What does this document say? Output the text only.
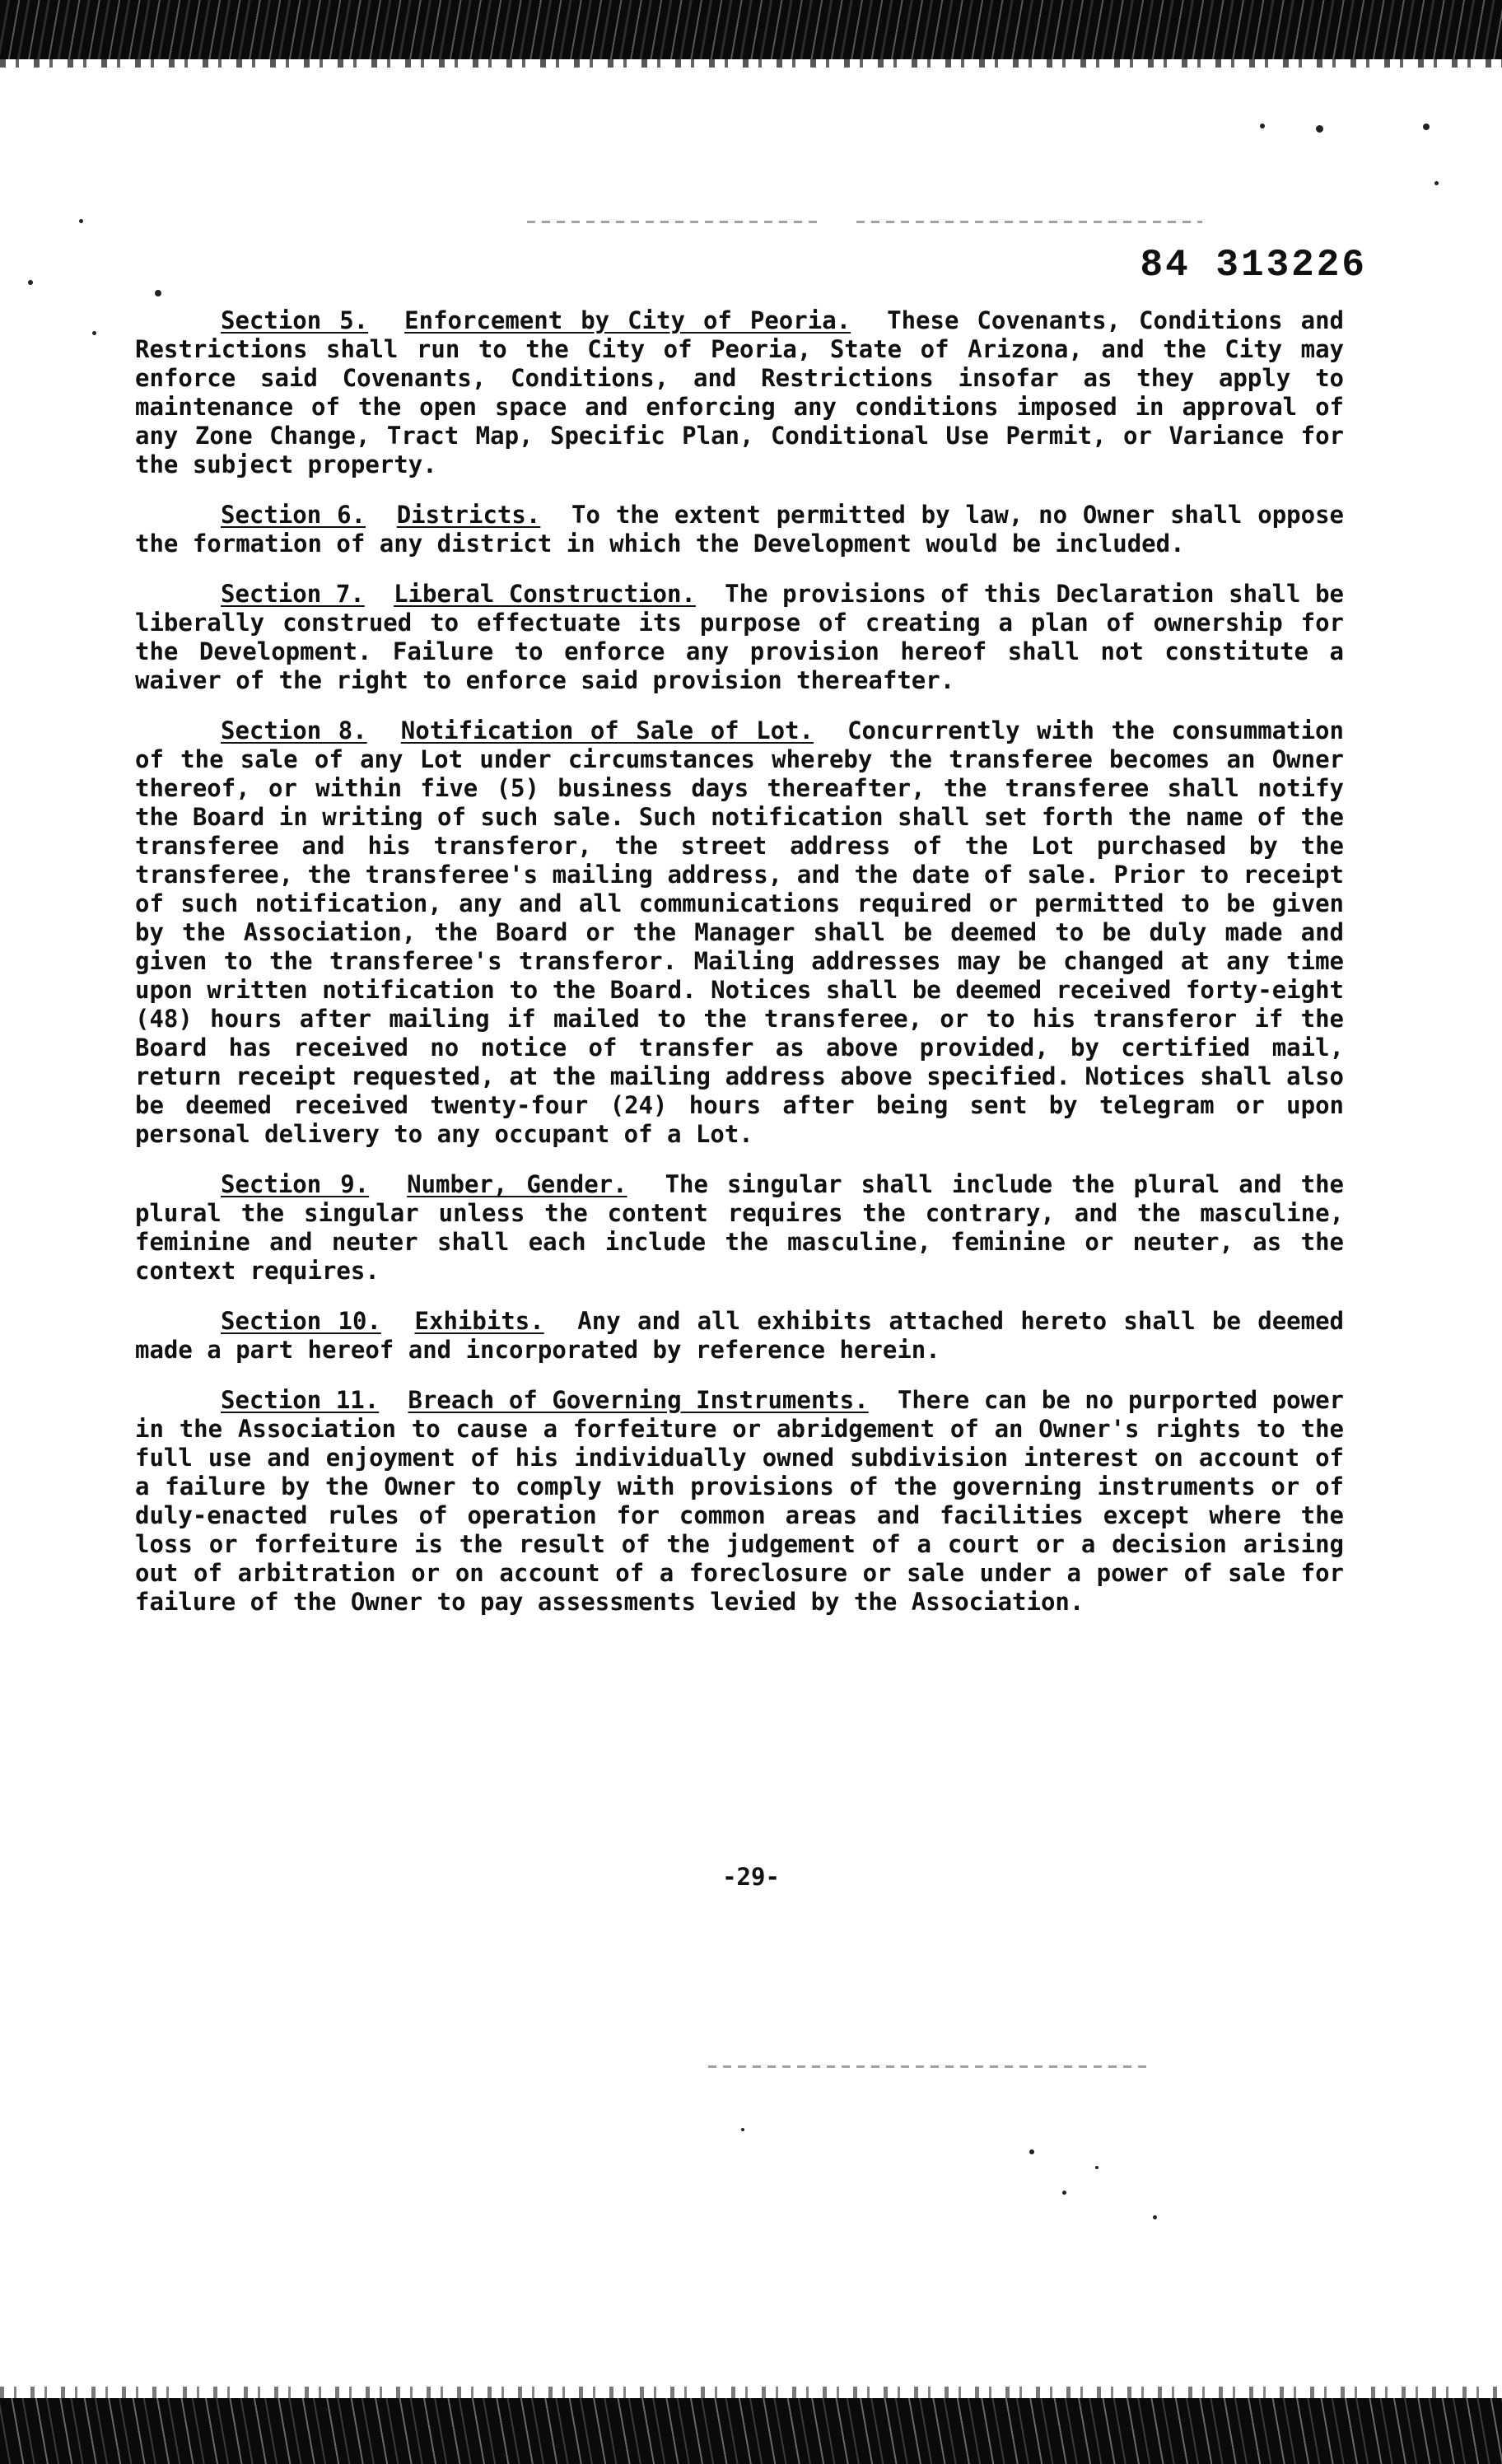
84 313226

Section 5. Enforcement by City of Peoria. These Covenants, Conditions and Restrictions shall run to the City of Peoria, State of Arizona, and the City may enforce said Covenants, Conditions, and Restrictions insofar as they apply to maintenance of the open space and enforcing any conditions imposed in approval of any Zone Change, Tract Map, Specific Plan, Conditional Use Permit, or Variance for the subject property.

Section 6. Districts. To the extent permitted by law, no Owner shall oppose the formation of any district in which the Development would be included.

Section 7. Liberal Construction. The provisions of this Declaration shall be liberally construed to effectuate its purpose of creating a plan of ownership for the Development. Failure to enforce any provision hereof shall not constitute a waiver of the right to enforce said provision thereafter.

Section 8. Notification of Sale of Lot. Concurrently with the consummation of the sale of any Lot under circumstances whereby the transferee becomes an Owner thereof, or within five (5) business days thereafter, the transferee shall notify the Board in writing of such sale. Such notification shall set forth the name of the transferee and his transferor, the street address of the Lot purchased by the transferee, the transferee's mailing address, and the date of sale. Prior to receipt of such notification, any and all communications required or permitted to be given by the Association, the Board or the Manager shall be deemed to be duly made and given to the transferee's transferor. Mailing addresses may be changed at any time upon written notification to the Board. Notices shall be deemed received forty-eight (48) hours after mailing if mailed to the transferee, or to his transferor if the Board has received no notice of transfer as above provided, by certified mail, return receipt requested, at the mailing address above specified. Notices shall also be deemed received twenty-four (24) hours after being sent by telegram or upon personal delivery to any occupant of a Lot.

Section 9. Number, Gender. The singular shall include the plural and the plural the singular unless the content requires the contrary, and the masculine, feminine and neuter shall each include the masculine, feminine or neuter, as the context requires.

Section 10. Exhibits. Any and all exhibits attached hereto shall be deemed made a part hereof and incorporated by reference herein.

Section 11. Breach of Governing Instruments. There can be no purported power in the Association to cause a forfeiture or abridgement of an Owner's rights to the full use and enjoyment of his individually owned subdivision interest on account of a failure by the Owner to comply with provisions of the governing instruments or of duly-enacted rules of operation for common areas and facilities except where the loss or forfeiture is the result of the judgement of a court or a decision arising out of arbitration or on account of a foreclosure or sale under a power of sale for failure of the Owner to pay assessments levied by the Association.

-29-
